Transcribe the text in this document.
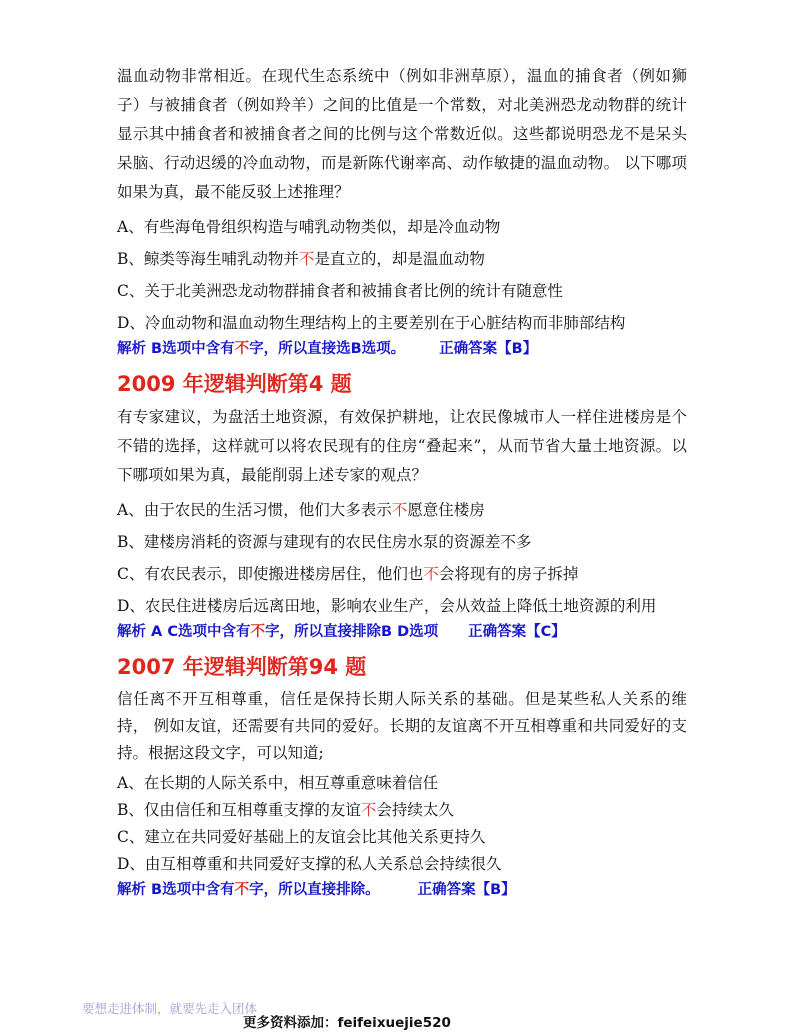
温血动物非常相近。在现代生态系统中（例如非洲草原），温血的捕食者（例如狮子）与被捕食者（例如羚羊）之间的比值是一个常数，对北美洲恐龙动物群的统计显示其中捕食者和被捕食者之间的比例与这个常数近似。这些都说明恐龙不是呆头呆脑、行动迟缓的冷血动物，而是新陈代谢率高、动作敏捷的温血动物。 以下哪项如果为真，最不能反驳上述推理？

A、有些海龟骨组织构造与哺乳动物类似，却是冷血动物

B、鲸类等海生哺乳动物并不是直立的，却是温血动物

C、关于北美洲恐龙动物群捕食者和被捕食者比例的统计有随意性

D、冷血动物和温血动物生理结构上的主要差别在于心脏结构而非肺部结构

解析 B选项中含有不字，所以直接选B选项。 正确答案【B】

2009 年逻辑判断第4 题

有专家建议，为盘活土地资源，有效保护耕地，让农民像城市人一样住进楼房是个不错的选择，这样就可以将农民现有的住房“叠起来”，从而节省大量土地资源。以下哪项如果为真，最能削弱上述专家的观点？

A、由于农民的生活习惯，他们大多表示不愿意住楼房

B、建楼房消耗的资源与建现有的农民住房水泵的资源差不多

C、有农民表示，即使搬进楼房居住，他们也不会将现有的房子拆掉

D、农民住进楼房后远离田地，影响农业生产，会从效益上降低土地资源的利用

解析 A C选项中含有不字，所以直接排除B D选项 正确答案【C】

2007 年逻辑判断第94 题

信任离不开互相尊重，信任是保持长期人际关系的基础。但是某些私人关系的维持， 例如友谊，还需要有共同的爱好。长期的友谊离不开互相尊重和共同爱好的支持。根据这段文字，可以知道;

A、在长期的人际关系中，相互尊重意味着信任

B、仅由信任和互相尊重支撑的友谊不会持续太久

C、建立在共同爱好基础上的友谊会比其他关系更持久

D、由互相尊重和共同爱好支撑的私人关系总会持续很久

解析 B选项中含有不字，所以直接排除。	正确答案【B】

要想走进体制，就要先走入团体
更多资料添加：feifeixuejie520
